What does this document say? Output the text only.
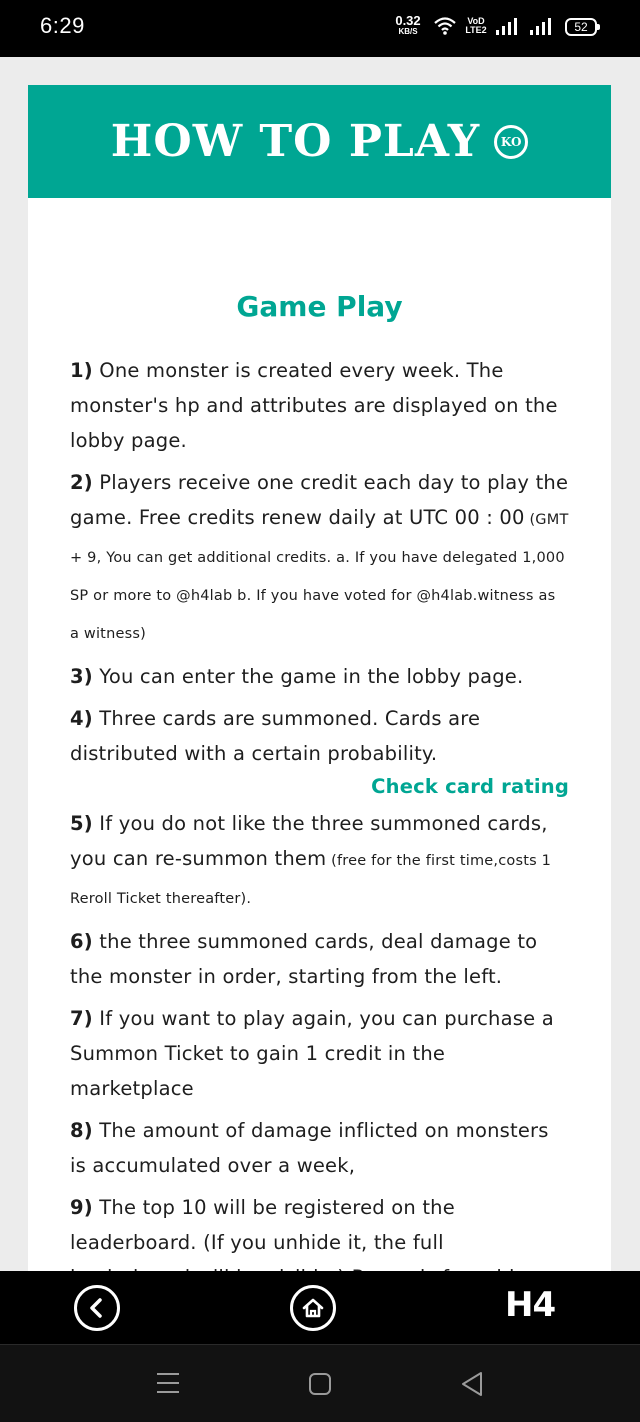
6:29	0.32
KB/S
VoD
LTE2	52
HOW TO PLAY	KO
Game Play

1) One monster is created every week. The monster's hp and attributes are displayed on the lobby page.

2) Players receive one credit each day to play the game. Free credits renew daily at UTC 00 : 00 (GMT + 9, You can get additional credits. a. If you have delegated 1,000 SP or more to @h4lab b. If you have voted for @h4lab.witness as a witness)

3) You can enter the game in the lobby page.

4) Three cards are summoned. Cards are distributed with a certain probability.

Check card rating

5) If you do not like the three summoned cards, you can re-summon them (free for the first time,costs 1 Reroll Ticket thereafter).

6) the three summoned cards, deal damage to the monster in order, starting from the left.

7) If you want to play again, you can purchase a Summon Ticket to gain 1 credit in the marketplace

8) The amount of damage inflicted on monsters is accumulated over a week,

9) The top 10 will be registered on the leaderboard. (If you unhide it, the full

H4
